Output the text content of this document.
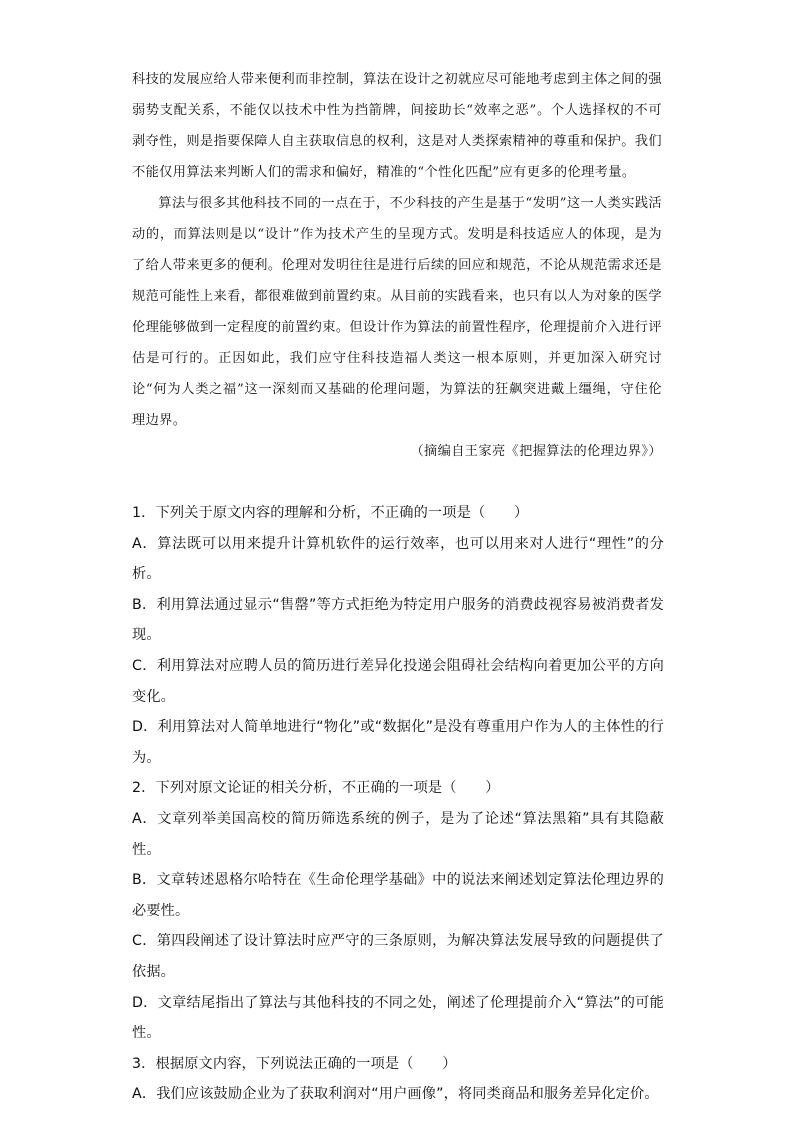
科技的发展应给人带来便利而非控制，算法在设计之初就应尽可能地考虑到主体之间的强弱势支配关系，不能仅以技术中性为挡箭牌，间接助长“效率之恶”。个人选择权的不可剥夺性，则是指要保障人自主获取信息的权利，这是对人类探索精神的尊重和保护。我们不能仅用算法来判断人们的需求和偏好，精准的“个性化匹配”应有更多的伦理考量。

算法与很多其他科技不同的一点在于，不少科技的产生是基于“发明”这一人类实践活动的，而算法则是以“设计”作为技术产生的呈现方式。发明是科技适应人的体现，是为了给人带来更多的便利。伦理对发明往往是进行后续的回应和规范，不论从规范需求还是规范可能性上来看，都很难做到前置约束。从目前的实践看来，也只有以人为对象的医学伦理能够做到一定程度的前置约束。但设计作为算法的前置性程序，伦理提前介入进行评估是可行的。正因如此，我们应守住科技造福人类这一根本原则，并更加深入研究讨论“何为人类之福”这一深刻而又基础的伦理问题，为算法的狂飙突进戴上缰绳，守住伦理边界。

（摘编自王家亮《把握算法的伦理边界》）

1．下列关于原文内容的理解和分析，不正确的一项是（　　）

A．算法既可以用来提升计算机软件的运行效率，也可以用来对人进行“理性”的分析。

B．利用算法通过显示“售罄”等方式拒绝为特定用户服务的消费歧视容易被消费者发现。

C．利用算法对应聘人员的简历进行差异化投递会阻碍社会结构向着更加公平的方向变化。

D．利用算法对人简单地进行“物化”或“数据化”是没有尊重用户作为人的主体性的行为。

2．下列对原文论证的相关分析，不正确的一项是（　　）

A．文章列举美国高校的简历筛选系统的例子，是为了论述“算法黑箱”具有其隐蔽性。

B．文章转述恩格尔哈特在《生命伦理学基础》中的说法来阐述划定算法伦理边界的必要性。

C．第四段阐述了设计算法时应严守的三条原则，为解决算法发展导致的问题提供了依据。

D．文章结尾指出了算法与其他科技的不同之处，阐述了伦理提前介入“算法”的可能性。

3．根据原文内容，下列说法正确的一项是（　　）

A．我们应该鼓励企业为了获取利润对“用户画像”，将同类商品和服务差异化定价。
